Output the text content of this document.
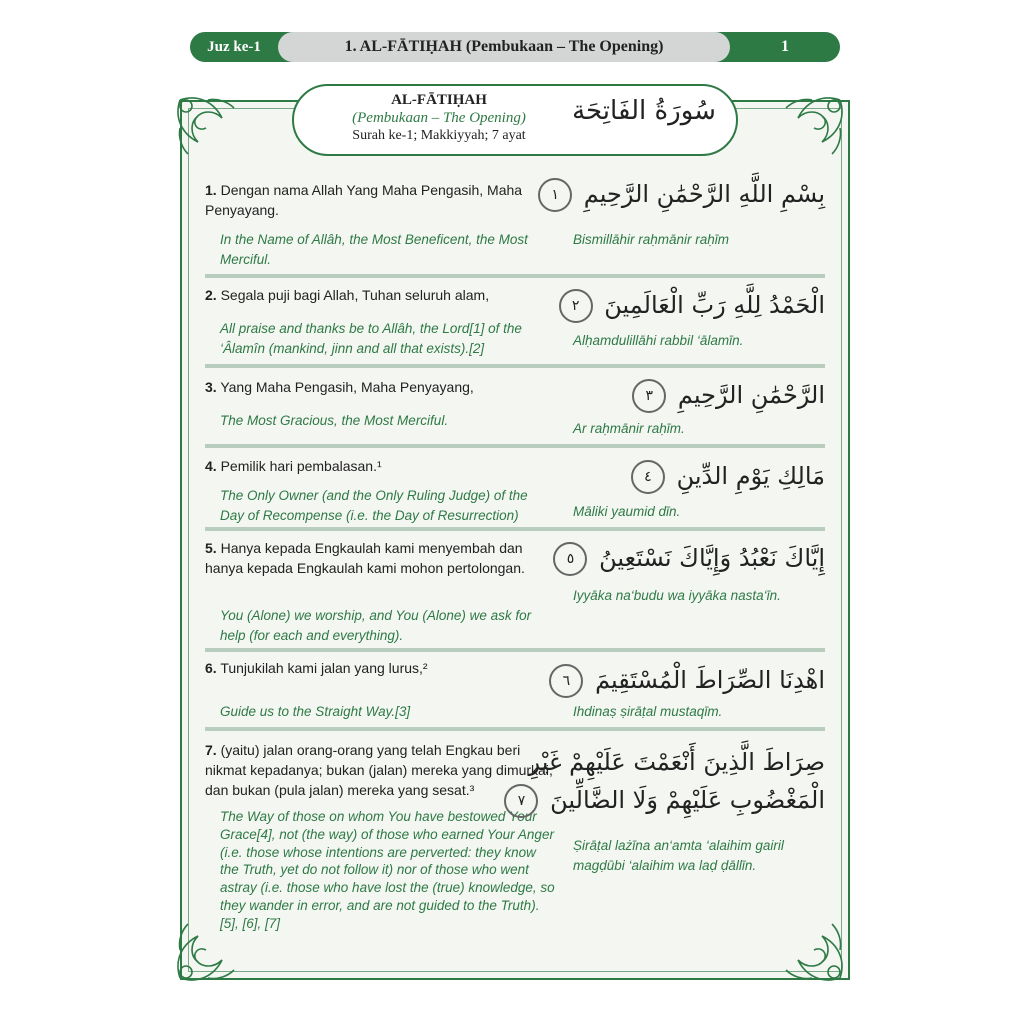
Juz ke-1	1. AL-FĀTIḤAH (Pembukaan – The Opening)	1
AL-FĀTIḤAH
(Pembukaan – The Opening)
Surah ke-1; Makkiyyah; 7 ayat
سُورَةُ الفَاتِحَة
1. Dengan nama Allah Yang Maha Pengasih, Maha Penyayang.
In the Name of Allâh, the Most Beneficent, the Most Merciful.
بِسْمِ اللَّهِ الرَّحْمَٰنِ الرَّحِيمِ ١
Bismillāhir raḥmānir raḥīm
2. Segala puji bagi Allah, Tuhan seluruh alam,
All praise and thanks be to Allâh, the Lord[1] of the ‘Âlamîn (mankind, jinn and all that exists).[2]
الْحَمْدُ لِلَّهِ رَبِّ الْعَالَمِينَ ٢
Alḥamdulillāhi rabbil ‘ālamīn.
3. Yang Maha Pengasih, Maha Penyayang,
The Most Gracious, the Most Merciful.
الرَّحْمَٰنِ الرَّحِيمِ ٣
Ar raḥmānir raḥīm.
4. Pemilik hari pembalasan.¹
The Only Owner (and the Only Ruling Judge) of the Day of Recompense (i.e. the Day of Resurrection)
مَالِكِ يَوْمِ الدِّينِ ٤
Māliki yaumid dīn.
5. Hanya kepada Engkaulah kami menyembah dan hanya kepada Engkaulah kami mohon pertolongan.
You (Alone) we worship, and You (Alone) we ask for help (for each and everything).
إِيَّاكَ نَعْبُدُ وَإِيَّاكَ نَسْتَعِينُ ٥
Iyyāka na‘budu wa iyyāka nasta‘īn.
6. Tunjukilah kami jalan yang lurus,²
Guide us to the Straight Way.[3]
اهْدِنَا الصِّرَاطَ الْمُسْتَقِيمَ ٦
Ihdinaṣ ṣirāṭal mustaqīm.
7. (yaitu) jalan orang-orang yang telah Engkau beri nikmat kepadanya; bukan (jalan) mereka yang dimurkai, dan bukan (pula jalan) mereka yang sesat.³
The Way of those on whom You have bestowed Your Grace[4], not (the way) of those who earned Your Anger (i.e. those whose intentions are perverted: they know the Truth, yet do not follow it) nor of those who went astray (i.e. those who have lost the (true) knowledge, so they wander in error, and are not guided to the Truth).[5], [6], [7]
صِرَاطَ الَّذِينَ أَنْعَمْتَ عَلَيْهِمْ غَيْرِ
الْمَغْضُوبِ عَلَيْهِمْ وَلَا الضَّالِّينَ ٧
Ṣirāṭal lażīna an‘amta ‘alaihim gairil magḍūbi ‘alaihim wa laḍ ḍāllīn.
